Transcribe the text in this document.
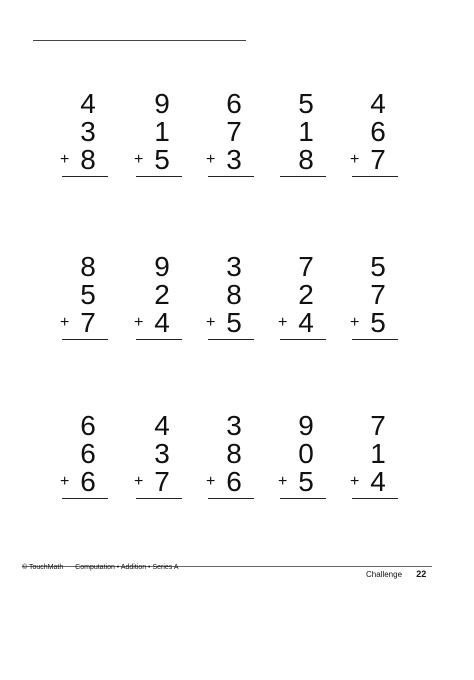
4
3
+ 8
9
1
+ 5
6
7
+ 3
5
1
8
4
6
+ 7
8
5
+ 7
9
2
+ 4
3
8
+ 5
7
2
+ 4
5
7
+ 5
6
6
+ 6
4
3
+ 7
3
8
+ 6
9
0
+ 5
7
1
+ 4
© TouchMath Computation • Addition • Series A
Challenge 22
